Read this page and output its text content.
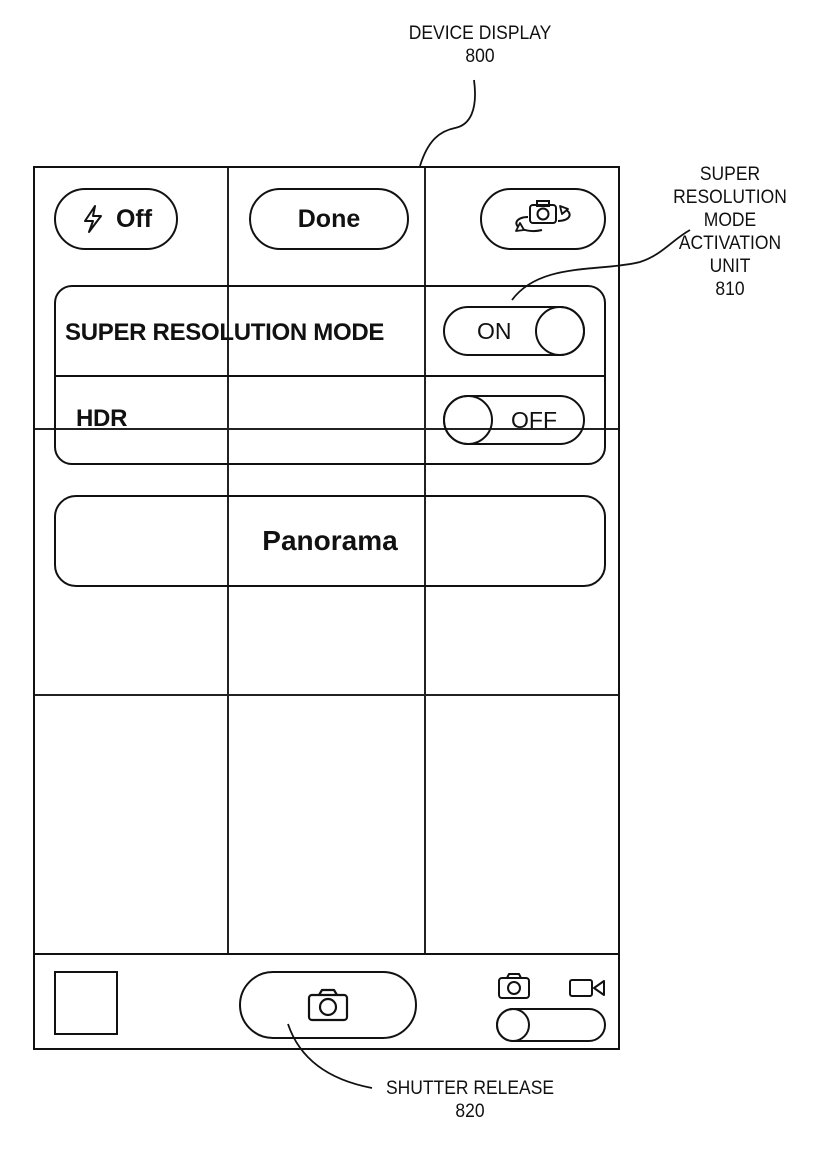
DEVICE DISPLAY
800
SUPER
RESOLUTION
MODE
ACTIVATION
UNIT
810
SHUTTER RELEASE
820
Off	Done
SUPER RESOLUTION MODE	ON
HDR	OFF
Panorama
